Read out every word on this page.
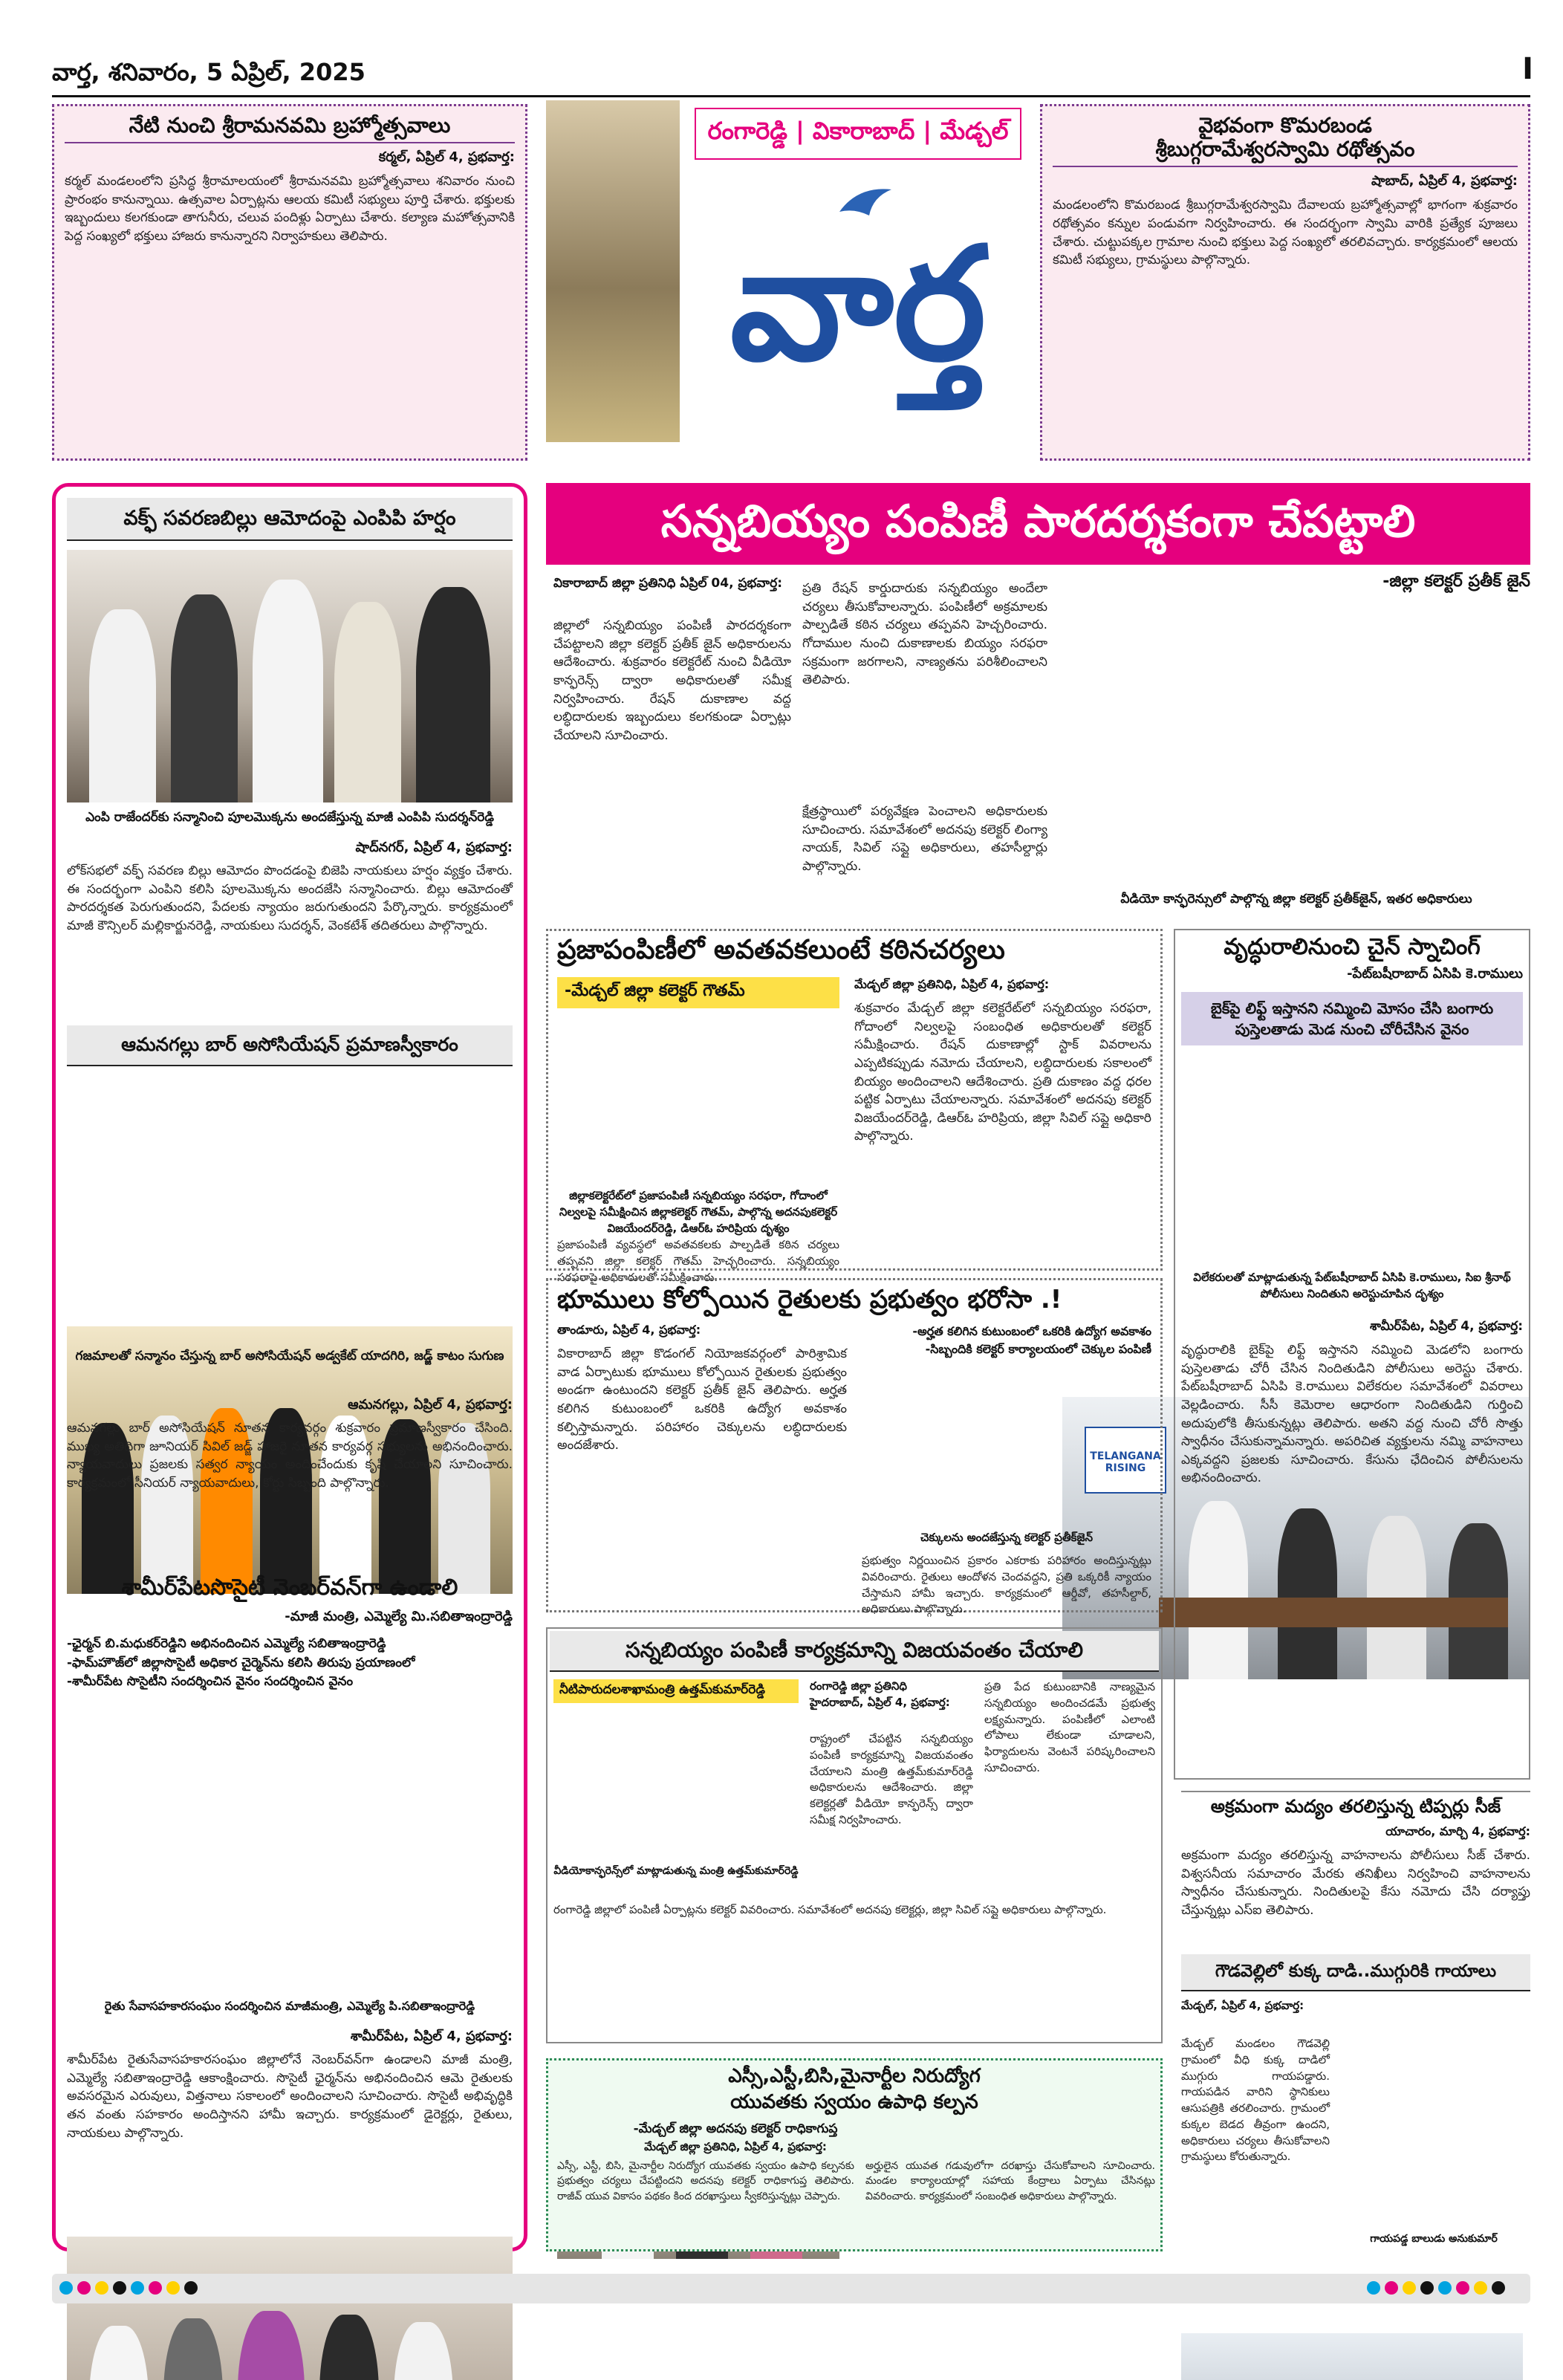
వార్త, శనివారం, 5 ఏప్రిల్, 2025	I
నేటి నుంచి శ్రీరామనవమి బ్రహ్మోత్సవాలు
కర్మల్, ఏప్రిల్ 4, ప్రభవార్త:
కర్మల్ మండలంలోని ప్రసిద్ధ శ్రీరామాలయంలో శ్రీరామనవమి బ్రహ్మోత్సవాలు శనివారం నుంచి ప్రారంభం కానున్నాయి. ఉత్సవాల ఏర్పాట్లను ఆలయ కమిటీ సభ్యులు పూర్తి చేశారు. భక్తులకు ఇబ్బందులు కలగకుండా తాగునీరు, చలువ పందిళ్లు ఏర్పాటు చేశారు. కల్యాణ మహోత్సవానికి పెద్ద సంఖ్యలో భక్తులు హాజరు కానున్నారని నిర్వాహకులు తెలిపారు.
రంగారెడ్డి | వికారాబాద్ | మేడ్చల్
వార్త
వైభవంగా కొమరబండ
శ్రీబుగ్గరామేశ్వరస్వామి రథోత్సవం
షాబాద్, ఏప్రిల్ 4, ప్రభవార్త:
మండలంలోని కొమరబండ శ్రీబుగ్గరామేశ్వరస్వామి దేవాలయ బ్రహ్మోత్సవాల్లో భాగంగా శుక్రవారం రథోత్సవం కన్నుల పండువగా నిర్వహించారు. ఈ సందర్భంగా స్వామి వారికి ప్రత్యేక పూజలు చేశారు. చుట్టుపక్కల గ్రామాల నుంచి భక్తులు పెద్ద సంఖ్యలో తరలివచ్చారు. కార్యక్రమంలో ఆలయ కమిటీ సభ్యులు, గ్రామస్థులు పాల్గొన్నారు.
వక్ఫ్ సవరణబిల్లు ఆమోదంపై ఎంపిపి హర్షం
ఎంపి రాజేందర్‌కు సన్మానించి పూలమొక్కను అందజేస్తున్న మాజీ ఎంపిపి సుదర్శన్‌రెడ్డి
షాద్‌నగర్, ఏప్రిల్ 4, ప్రభవార్త:
లోక్‌సభలో వక్ఫ్ సవరణ బిల్లు ఆమోదం పొందడంపై బిజెపి నాయకులు హర్షం వ్యక్తం చేశారు. ఈ సందర్భంగా ఎంపిని కలిసి పూలమొక్కను అందజేసి సన్మానించారు. బిల్లు ఆమోదంతో పారదర్శకత పెరుగుతుందని, పేదలకు న్యాయం జరుగుతుందని పేర్కొన్నారు. కార్యక్రమంలో మాజీ కౌన్సిలర్ మల్లికార్జునరెడ్డి, నాయకులు సుదర్శన్, వెంకటేశ్ తదితరులు పాల్గొన్నారు.
ఆమనగల్లు బార్ అసోసియేషన్ ప్రమాణస్వీకారం
గజమాలతో సన్మానం చేస్తున్న బార్ అసోసియేషన్ అడ్వకేట్ యాదగిరి, జడ్జ్ కాటం సుగుణ
ఆమనగల్లు, ఏప్రిల్ 4, ప్రభవార్త:
ఆమనగల్లు బార్ అసోసియేషన్ నూతన కార్యవర్గం శుక్రవారం ప్రమాణస్వీకారం చేసింది. ముఖ్య అతిథిగా జూనియర్ సివిల్ జడ్జ్ హాజరై నూతన కార్యవర్గ సభ్యులను అభినందించారు. న్యాయవాదులు ప్రజలకు సత్వర న్యాయం అందించేందుకు కృషి చేయాలని సూచించారు. కార్యక్రమంలో సీనియర్ న్యాయవాదులు, కోర్టు సిబ్బంది పాల్గొన్నారు.
శామీర్‌పేటసొసైటీ నెంబర్‌వన్‌గా ఉండాలి
-మాజీ మంత్రి, ఎమ్మెల్యే మి.సబితాఇంద్రారెడ్డి
-ఛైర్మన్ బి.మధుకర్‌రెడ్డిని అభినందించిన ఎమ్మెల్యే సబితాఇంద్రారెడ్డి
-ఫామ్‌హౌజ్‌లో జిల్లాసొసైటీ అధికార చైర్మెన్‌ను కలిసి తిరుపు ప్రయాణంలో
-శామీర్‌పేట సొసైటీని సందర్శించిన వైనం సందర్శించిన వైనం
రైతు సేవాసహకారసంఘం సందర్శించిన మాజీమంత్రి, ఎమ్మెల్యే పి.సబితాఇంద్రారెడ్డి
శామీర్‌పేట, ఏప్రిల్ 4, ప్రభవార్త:
శామీర్‌పేట రైతుసేవాసహకారసంఘం జిల్లాలోనే నెంబర్‌వన్‌గా ఉండాలని మాజీ మంత్రి, ఎమ్మెల్యే సబితాఇంద్రారెడ్డి ఆకాంక్షించారు. సొసైటీ ఛైర్మన్‌ను అభినందించిన ఆమె రైతులకు అవసరమైన ఎరువులు, విత్తనాలు సకాలంలో అందించాలని సూచించారు. సొసైటీ అభివృద్ధికి తన వంతు సహకారం అందిస్తానని హామీ ఇచ్చారు. కార్యక్రమంలో డైరెక్టర్లు, రైతులు, నాయకులు పాల్గొన్నారు.
సన్నబియ్యం పంపిణీ పారదర్శకంగా చేపట్టాలి
-జిల్లా కలెక్టర్ ప్రతీక్ జైన్
వికారాబాద్ జిల్లా ప్రతినిధి ఏప్రిల్ 04, ప్రభవార్త:
జిల్లాలో సన్నబియ్యం పంపిణీ పారదర్శకంగా చేపట్టాలని జిల్లా కలెక్టర్ ప్రతీక్ జైన్ అధికారులను ఆదేశించారు. శుక్రవారం కలెక్టరేట్ నుంచి వీడియో కాన్ఫరెన్స్ ద్వారా అధికారులతో సమీక్ష నిర్వహించారు. రేషన్ దుకాణాల వద్ద లబ్ధిదారులకు ఇబ్బందులు కలగకుండా ఏర్పాట్లు చేయాలని సూచించారు.
ప్రతి రేషన్ కార్డుదారుకు సన్నబియ్యం అందేలా చర్యలు తీసుకోవాలన్నారు. పంపిణీలో అక్రమాలకు పాల్పడితే కఠిన చర్యలు తప్పవని హెచ్చరించారు. గోదాముల నుంచి దుకాణాలకు బియ్యం సరఫరా సక్రమంగా జరగాలని, నాణ్యతను పరిశీలించాలని తెలిపారు.
TELANGANA RISING
వీడియో కాన్ఫరెన్సులో పాల్గొన్న జిల్లా కలెక్టర్ ప్రతీక్‌జైన్, ఇతర అధికారులు
క్షేత్రస్థాయిలో పర్యవేక్షణ పెంచాలని అధికారులకు సూచించారు. సమావేశంలో అదనపు కలెక్టర్ లింగ్యా నాయక్, సివిల్ సప్లై అధికారులు, తహసీల్దార్లు పాల్గొన్నారు.
ప్రజాపంపిణీలో అవతవకలుంటే కఠినచర్యలు
-మేడ్చల్ జిల్లా కలెక్టర్ గౌతమ్
జిల్లాకలెక్టరేట్‌లో ప్రజాపంపిణీ సన్నబియ్యం సరఫరా, గోదాంలో నిల్వలపై సమీక్షించిన జిల్లాకలెక్టర్ గౌతమ్, పాల్గొన్న అదనపుకలెక్టర్ విజయేందర్‌రెడ్డి, డిఆర్‌ఓ హరిప్రియ దృశ్యం
మేడ్చల్ జిల్లా ప్రతినిధి, ఏప్రిల్ 4, ప్రభవార్త:
శుక్రవారం మేడ్చల్ జిల్లా కలెక్టరేట్‌లో సన్నబియ్యం సరఫరా, గోదాంలో నిల్వలపై సంబంధిత అధికారులతో కలెక్టర్ సమీక్షించారు. రేషన్ దుకాణాల్లో స్టాక్ వివరాలను ఎప్పటికప్పుడు నమోదు చేయాలని, లబ్ధిదారులకు సకాలంలో బియ్యం అందించాలని ఆదేశించారు. ప్రతి దుకాణం వద్ద ధరల పట్టిక ఏర్పాటు చేయాలన్నారు. సమావేశంలో అదనపు కలెక్టర్ విజయేందర్‌రెడ్డి, డిఆర్‌ఓ హరిప్రియ, జిల్లా సివిల్ సప్లై అధికారి పాల్గొన్నారు.
ప్రజాపంపిణీ వ్యవస్థలో అవతవకలకు పాల్పడితే కఠిన చర్యలు తప్పవని జిల్లా కలెక్టర్ గౌతమ్ హెచ్చరించారు. సన్నబియ్యం సరఫరాపై అధికారులతో సమీక్షించారు.
వృద్ధురాలినుంచి చైన్ స్నాచింగ్
-పేట్‌బషీరాబాద్ ఏసిపి కె.రాములు
బైక్‌పై లిఫ్ట్ ఇస్తానని నమ్మించి మోసం చేసి బంగారు పుస్తెలతాడు మెడ నుంచి చోరీచేసిన వైనం
విలేకరులతో మాట్లాడుతున్న పేట్‌బషీరాబాద్ ఏసిపి కె.రాములు, సిఐ శ్రీనాథ్ పోలీసులు నిందితుని అరెస్టుచూపిన దృశ్యం
శామీర్‌పేట, ఏప్రిల్ 4, ప్రభవార్త:
వృద్ధురాలికి బైక్‌పై లిఫ్ట్ ఇస్తానని నమ్మించి మెడలోని బంగారు పుస్తెలతాడు చోరీ చేసిన నిందితుడిని పోలీసులు అరెస్టు చేశారు. పేట్‌బషీరాబాద్ ఏసిపి కె.రాములు విలేకరుల సమావేశంలో వివరాలు వెల్లడించారు. సీసీ కెమెరాల ఆధారంగా నిందితుడిని గుర్తించి అదుపులోకి తీసుకున్నట్లు తెలిపారు. అతని వద్ద నుంచి చోరీ సొత్తు స్వాధీనం చేసుకున్నామన్నారు. అపరిచిత వ్యక్తులను నమ్మి వాహనాలు ఎక్కవద్దని ప్రజలకు సూచించారు. కేసును ఛేదించిన పోలీసులను అభినందించారు.
భూములు కోల్పోయిన రైతులకు ప్రభుత్వం భరోసా .!
-అర్హత కలిగిన కుటుంబంలో ఒకరికి ఉద్యోగ అవకాశం
-సిబ్బందికి కలెక్టర్ కార్యాలయంలో చెక్కుల పంపిణీ
చెక్కులను అందజేస్తున్న కలెక్టర్ ప్రతీక్‌జైన్
తాండూరు, ఏప్రిల్ 4, ప్రభవార్త:
వికారాబాద్ జిల్లా కొడంగల్ నియోజకవర్గంలో పారిశ్రామిక వాడ ఏర్పాటుకు భూములు కోల్పోయిన రైతులకు ప్రభుత్వం అండగా ఉంటుందని కలెక్టర్ ప్రతీక్ జైన్ తెలిపారు. అర్హత కలిగిన కుటుంబంలో ఒకరికి ఉద్యోగ అవకాశం కల్పిస్తామన్నారు. పరిహారం చెక్కులను లబ్ధిదారులకు అందజేశారు.
ప్రభుత్వం నిర్ణయించిన ప్రకారం ఎకరాకు పరిహారం అందిస్తున్నట్లు వివరించారు. రైతులు ఆందోళన చెందవద్దని, ప్రతి ఒక్కరికీ న్యాయం చేస్తామని హామీ ఇచ్చారు. కార్యక్రమంలో ఆర్డీవో, తహసీల్దార్, అధికారులు పాల్గొన్నారు.
సన్నబియ్యం పంపిణీ కార్యక్రమాన్ని విజయవంతం చేయాలి
నీటిపారుదలశాఖామంత్రి ఉత్తమ్‌కుమార్‌రెడ్డి
వీడియోకాన్ఫరెన్స్‌లో మాట్లాడుతున్న మంత్రి ఉత్తమ్‌కుమార్‌రెడ్డి
రంగారెడ్డి జిల్లా ప్రతినిధి హైదరాబాద్, ఏప్రిల్ 4, ప్రభవార్త:
రాష్ట్రంలో చేపట్టిన సన్నబియ్యం పంపిణీ కార్యక్రమాన్ని విజయవంతం చేయాలని మంత్రి ఉత్తమ్‌కుమార్‌రెడ్డి అధికారులను ఆదేశించారు. జిల్లా కలెక్టర్లతో వీడియో కాన్ఫరెన్స్ ద్వారా సమీక్ష నిర్వహించారు.
ప్రతి పేద కుటుంబానికి నాణ్యమైన సన్నబియ్యం అందించడమే ప్రభుత్వ లక్ష్యమన్నారు. పంపిణీలో ఎలాంటి లోపాలు లేకుండా చూడాలని, ఫిర్యాదులను వెంటనే పరిష్కరించాలని సూచించారు.
రంగారెడ్డి జిల్లాలో పంపిణీ ఏర్పాట్లను కలెక్టర్ వివరించారు. సమావేశంలో అదనపు కలెక్టర్లు, జిల్లా సివిల్ సప్లై అధికారులు పాల్గొన్నారు.
అక్రమంగా మద్యం తరలిస్తున్న టిప్పర్లు సీజ్
యాచారం, మార్చి 4, ప్రభవార్త:
అక్రమంగా మద్యం తరలిస్తున్న వాహనాలను పోలీసులు సీజ్ చేశారు. విశ్వసనీయ సమాచారం మేరకు తనిఖీలు నిర్వహించి వాహనాలను స్వాధీనం చేసుకున్నారు. నిందితులపై కేసు నమోదు చేసి దర్యాప్తు చేస్తున్నట్లు ఎస్‌ఐ తెలిపారు.
గౌడవెల్లిలో కుక్క దాడి..ముగ్గురికి గాయాలు
మేడ్చల్, ఏప్రిల్ 4, ప్రభవార్త:
మేడ్చల్ మండలం గౌడవెల్లి గ్రామంలో వీధి కుక్క దాడిలో ముగ్గురు గాయపడ్డారు. గాయపడిన వారిని స్థానికులు ఆసుపత్రికి తరలించారు. గ్రామంలో కుక్కల బెడద తీవ్రంగా ఉందని, అధికారులు చర్యలు తీసుకోవాలని గ్రామస్థులు కోరుతున్నారు.
గాయపడ్డ బాలుడు అనుకుమార్
ఎస్సీ,ఎస్టీ,బిసి,మైనార్టీల నిరుద్యోగ
యువతకు స్వయం ఉపాధి కల్పన
-మేడ్చల్ జిల్లా అదనపు కలెక్టర్ రాధికాగుప్త
మేడ్చల్ జిల్లా ప్రతినిధి, ఏప్రిల్ 4, ప్రభవార్త:
ఎస్సీ, ఎస్టీ, బిసి, మైనార్టీల నిరుద్యోగ యువతకు స్వయం ఉపాధి కల్పనకు ప్రభుత్వం చర్యలు చేపట్టిందని అదనపు కలెక్టర్ రాధికాగుప్త తెలిపారు. రాజీవ్ యువ వికాసం పథకం కింద దరఖాస్తులు స్వీకరిస్తున్నట్లు చెప్పారు.
అర్హులైన యువత గడువులోగా దరఖాస్తు చేసుకోవాలని సూచించారు. మండల కార్యాలయాల్లో సహాయ కేంద్రాలు ఏర్పాటు చేసినట్లు వివరించారు. కార్యక్రమంలో సంబంధిత అధికారులు పాల్గొన్నారు.
